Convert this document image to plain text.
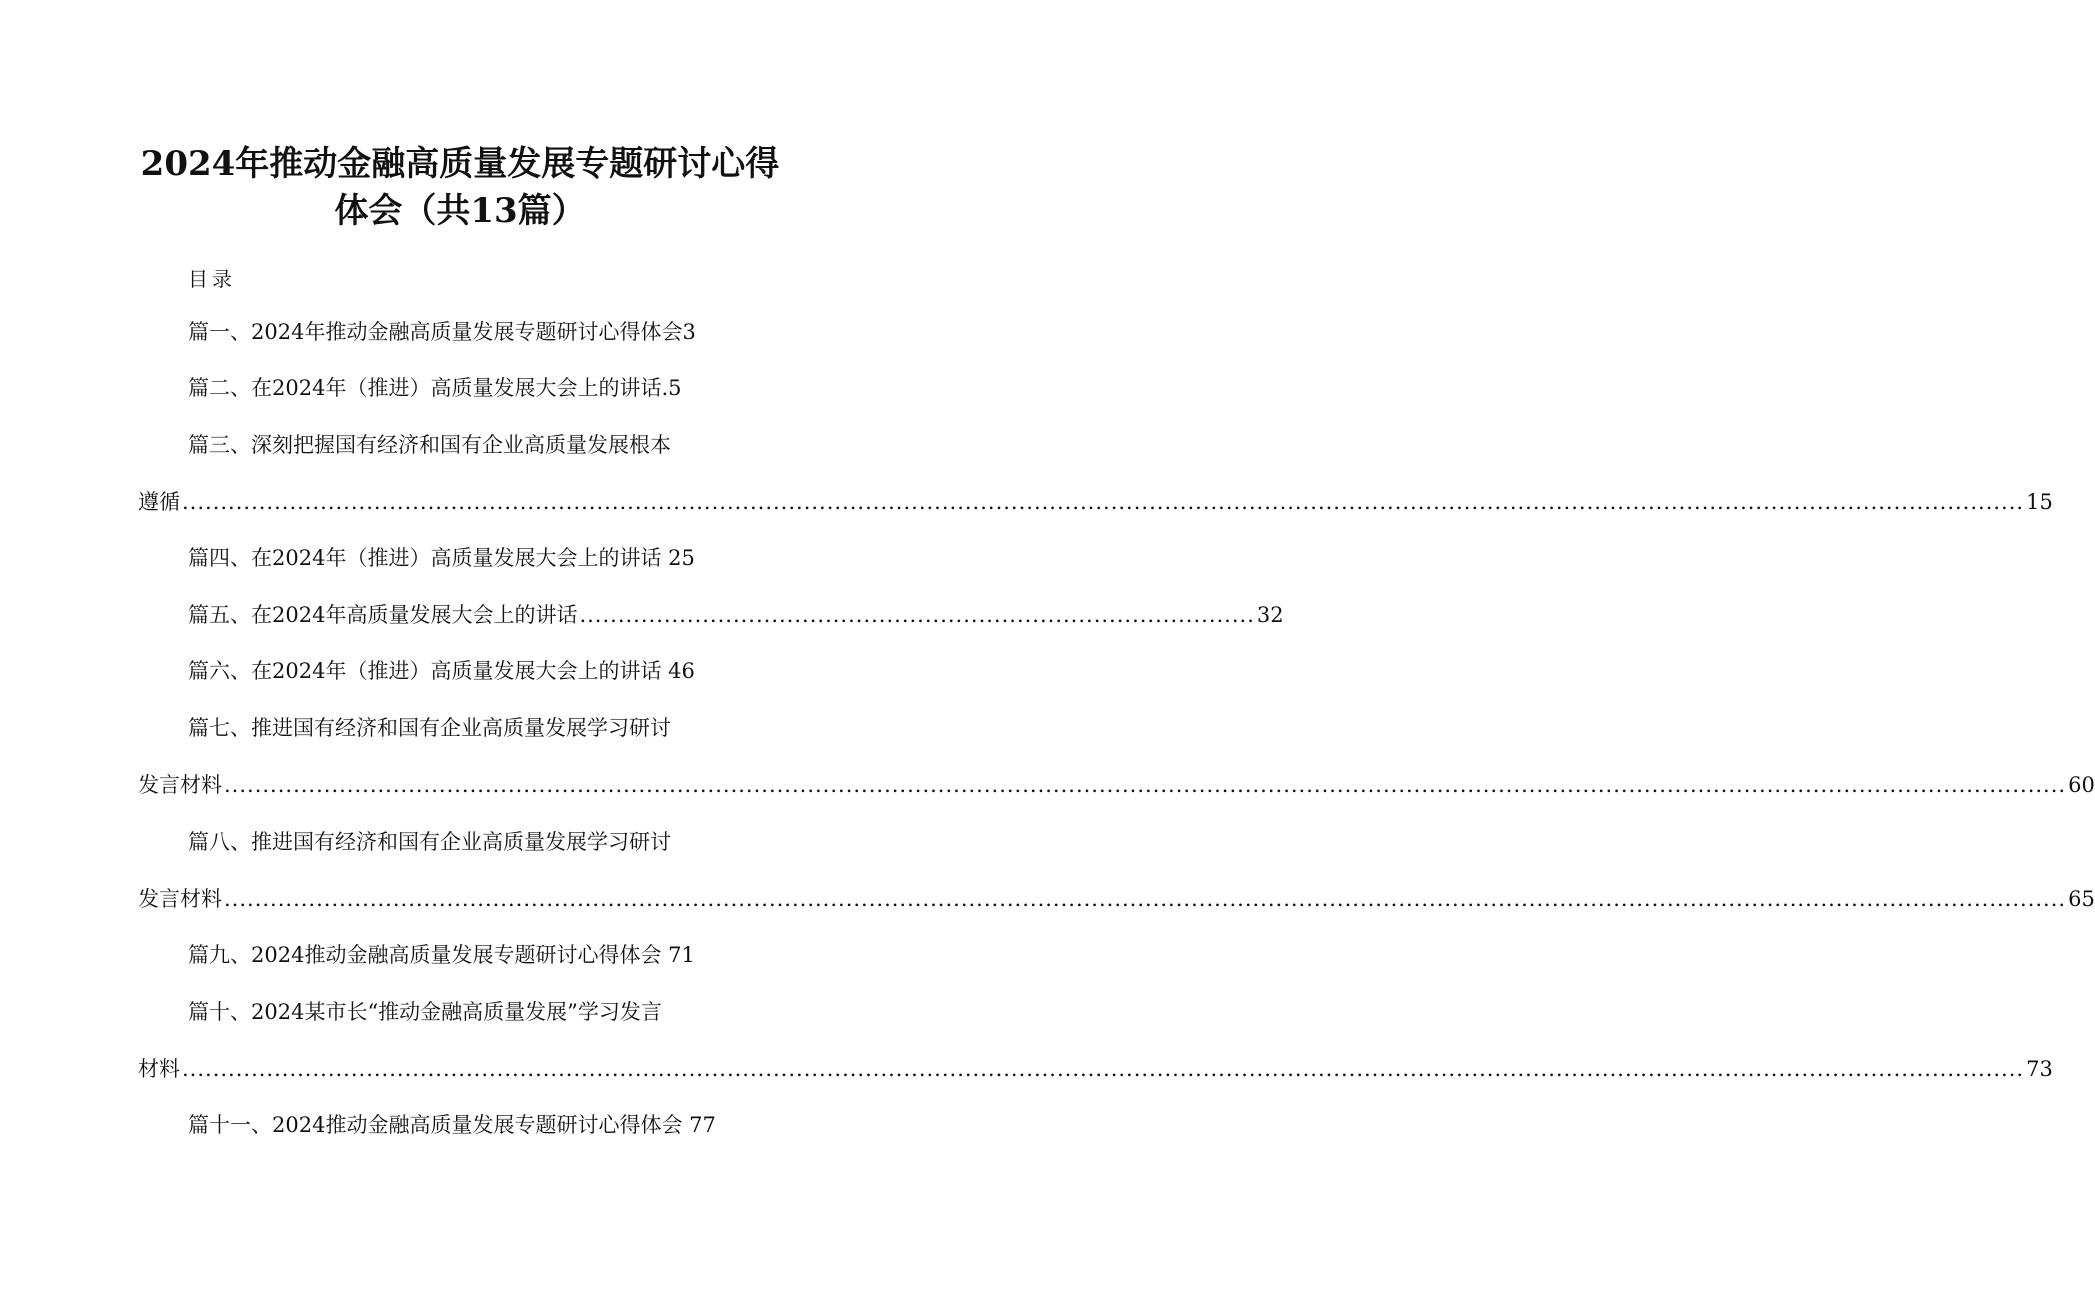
2024年推动金融高质量发展专题研讨心得
体会（共13篇）
目录
篇一、2024年推动金融高质量发展专题研讨心得体会3
篇二、在2024年（推进）高质量发展大会上的讲话.5
篇三、深刻把握国有经济和国有企业高质量发展根本
遵循 .....	15
篇四、在2024年（推进）高质量发展大会上的讲话 25
篇五、在2024年高质量发展大会上的讲话 ........................................................................................ 32
篇六、在2024年（推进）高质量发展大会上的讲话 46
篇七、推进国有经济和国有企业高质量发展学习研讨
发言材料 .....	60
篇八、推进国有经济和国有企业高质量发展学习研讨
发言材料 .....	65
篇九、2024推动金融高质量发展专题研讨心得体会 71
篇十、2024某市长“推动金融高质量发展”学习发言
材料 .....	73
篇十一、2024推动金融高质量发展专题研讨心得体会 77
